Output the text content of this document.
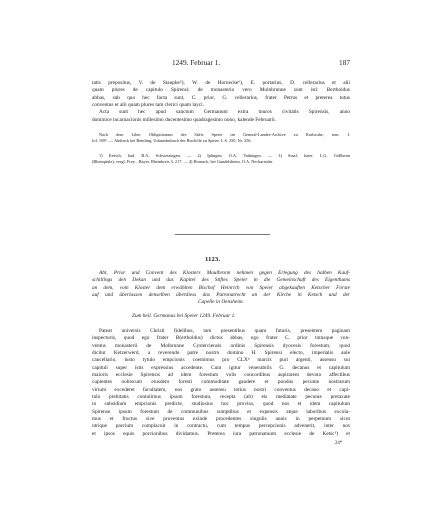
1249. Februar 1.	187
tatis prepositus, V. de Stauphe⁵), W. de Hornecke⁶), E. portarius, D. cellerarius et alii
quam plures de capitulo Spirensi; de monasterio vero Mulnbrunne sunt isti: Bertholdus
abbas, sub quo hec facta sunt, C. prior, G. cellerarius, frater Petrus et preterea totus
conventus et alii quam plures tam clerici quam layci.
Acta sunt hec apud sanctum Germanum extra muros civitatis Spirensis, anno
dominice incarnacionis millesimo ducentesimo quadragesimo nono, kalende Februarii.
Nach dem Liber Obligationum des Stifts Speier im General-Landes-Archive zu Karlsruhe, tom. I.
fol. 169ᵇ. — Abdruck bei Remling, Urkundenbuch der Bischöfe zu Speier. I, S. 250, Nr. 256.
1) Ketsch, bad. B.A. Schwetzingen. — 2) Iplingen, O.A. Vaihingen. — 3) Staaf, baier. L.G. Göllheim
(Rheinpfalz); vergl. Frey... Bayer. Rheinkreis 3, 217. — 4) Hornack, bei Gundelsheim, O.A. Neckarsulm.
1123.
Abt, Prior und Convent des Klosters Maulbronn nehmen gegen Erlegung des halben Kauf-
schillings den Dekan und das Kapitel des Stiftes Speier in die Gemeinschaft des Eigenthums
an dem, vom Kloster dem erwählten Bischof Heinrich von Speier abgekauften Ketscher Forste
auf und überlassen denselben überdiess das Patronatrecht an der Kirche in Ketsch und der
Capelle in Oensheim.
Zum heil. Germanus bei Speier 1249. Februar 1.
Pateat universis Christi fidelibus, tam presentibus quam futuris, presentem paginam
inspecturis, quod ego frater B(ertholdus) dictus abbas, ego frater C. prior totusque con-
ventus monasterii de Molbrunne Cysterciensis ordinis Spirensis dyocesis forestum, quod
dicitur Ketzerwerd, a reverendo patre nostro domino H. Spirensi electo, imperialis aule
cancellario, iusto tytulo empcionis coemimus pro CLXⁿ marcis puri argenti, assensu sui
capituli super istis expressius accedente. Cum igitur venerabilis G. decanus et capitulum
maioris ecclesie Spirensis ad idem forestum volis concordibus aspirarent devoto affectibus
cupientes nobiscum eiusdem foresti commoditate gaudere et pondus pecunie nostrarum
virium excederet facultatem, nos grato assensu totius nostri conventus decano et capi-
tulo prebitatis contulimus ipsum forestum, recepta (ab) eis mediatate pecunie pretaxate
in subsidium empcionis predicte, studiosius hoc proviso, quod nos et idem capitulum
Spirense ipsum forestum de communibus sumptibus et expensis atque laboribus excola-
mus et fructus sive proventus exinde procedentes singulis annis in perpetuum sicut
utrique parcium complacuit in contractu, cum tempus percepcionis advenerit, inter nos
et ipsos equis porcionibus dividamus. Preterea iura patronatuum ecclesie de Ketsc¹) et
24*
